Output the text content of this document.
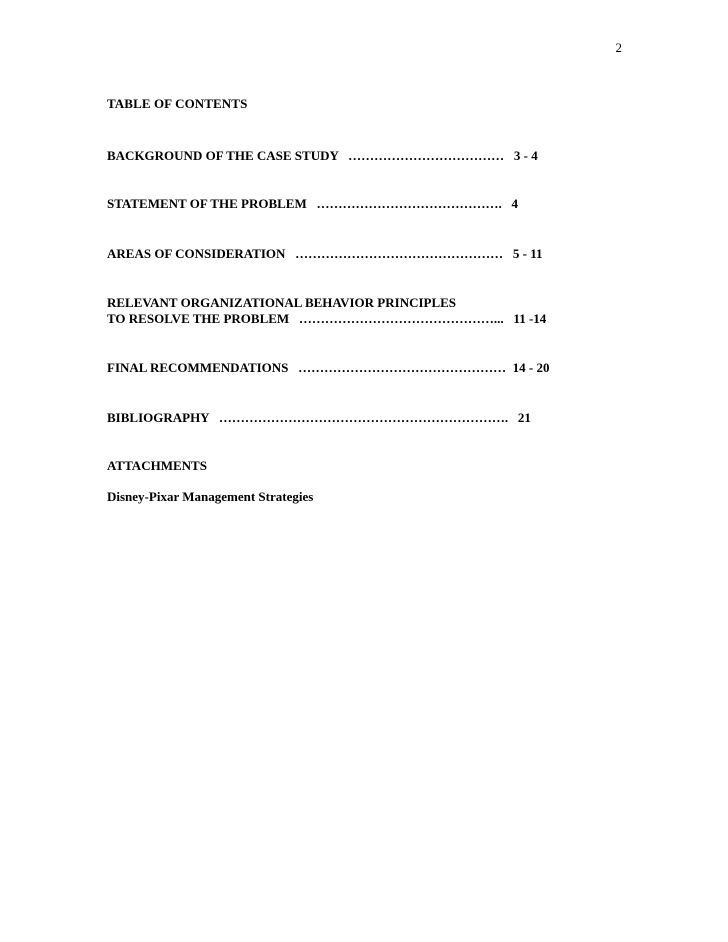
2
TABLE OF CONTENTS
BACKGROUND OF THE CASE STUDY   ………………………………   3 - 4
STATEMENT OF THE PROBLEM   …………………………………….   4
AREAS OF CONSIDERATION   …………………………………………   5 - 11
RELEVANT ORGANIZATIONAL BEHAVIOR PRINCIPLES
TO RESOLVE THE PROBLEM   ………………………………………...   11 -14
FINAL RECOMMENDATIONS   …………………………………………  14 - 20
BIBLIOGRAPHY   ………………………………………………………….   21
ATTACHMENTS
Disney-Pixar Management Strategies
